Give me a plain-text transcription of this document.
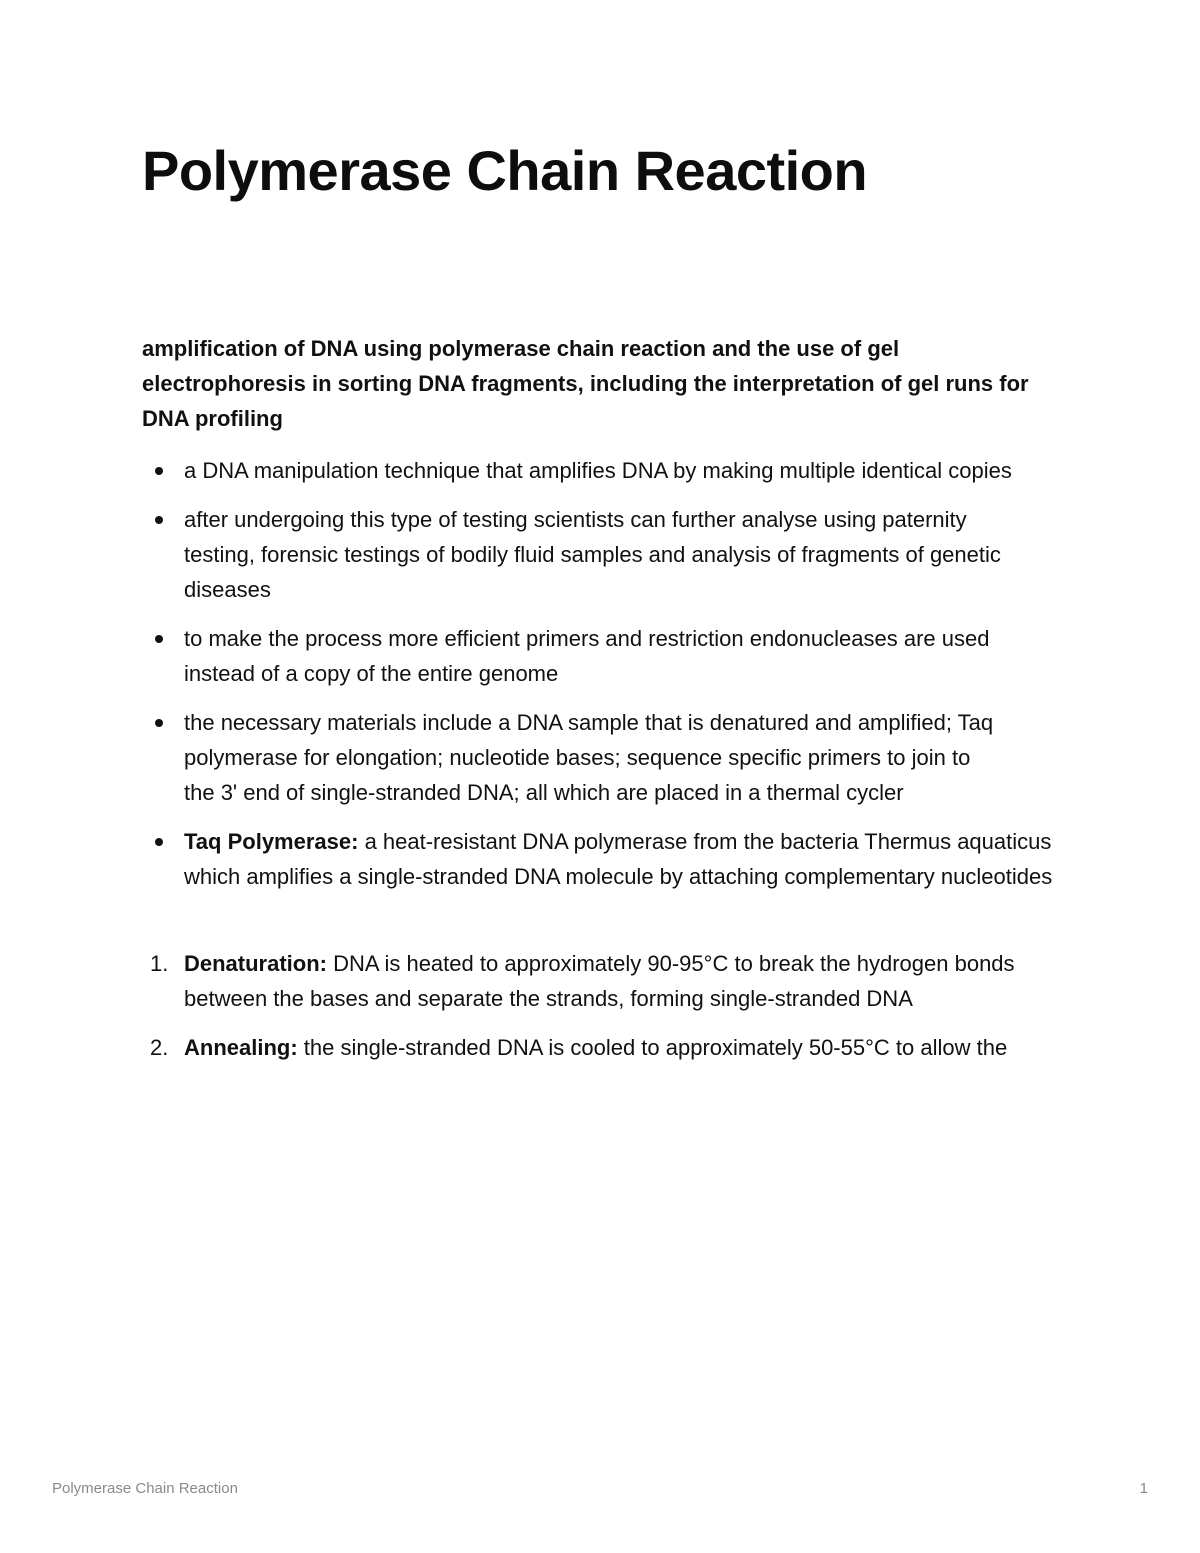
Polymerase Chain Reaction

amplification of DNA using polymerase chain reaction and the use of gel electrophoresis in sorting DNA fragments, including the interpretation of gel runs for DNA profiling

a DNA manipulation technique that amplifies DNA by making multiple identical copies
after undergoing this type of testing scientists can further analyse using paternity
testing, forensic testings of bodily fluid samples and analysis of fragments of genetic
diseases
to make the process more efficient primers and restriction endonucleases are used instead of a copy of the entire genome
the necessary materials include a DNA sample that is denatured and amplified; Taq
polymerase for elongation; nucleotide bases; sequence specific primers to join to
the 3' end of single-stranded DNA; all which are placed in a thermal cycler
Taq Polymerase: a heat-resistant DNA polymerase from the bacteria Thermus aquaticus
which amplifies a single-stranded DNA molecule by attaching complementary nucleotides
1. Denaturation: DNA is heated to approximately 90-95°C to break the hydrogen bonds between the bases and separate the strands, forming single-stranded DNA
2. Annealing: the single-stranded DNA is cooled to approximately 50-55°C to allow the
Polymerase Chain Reaction	1
